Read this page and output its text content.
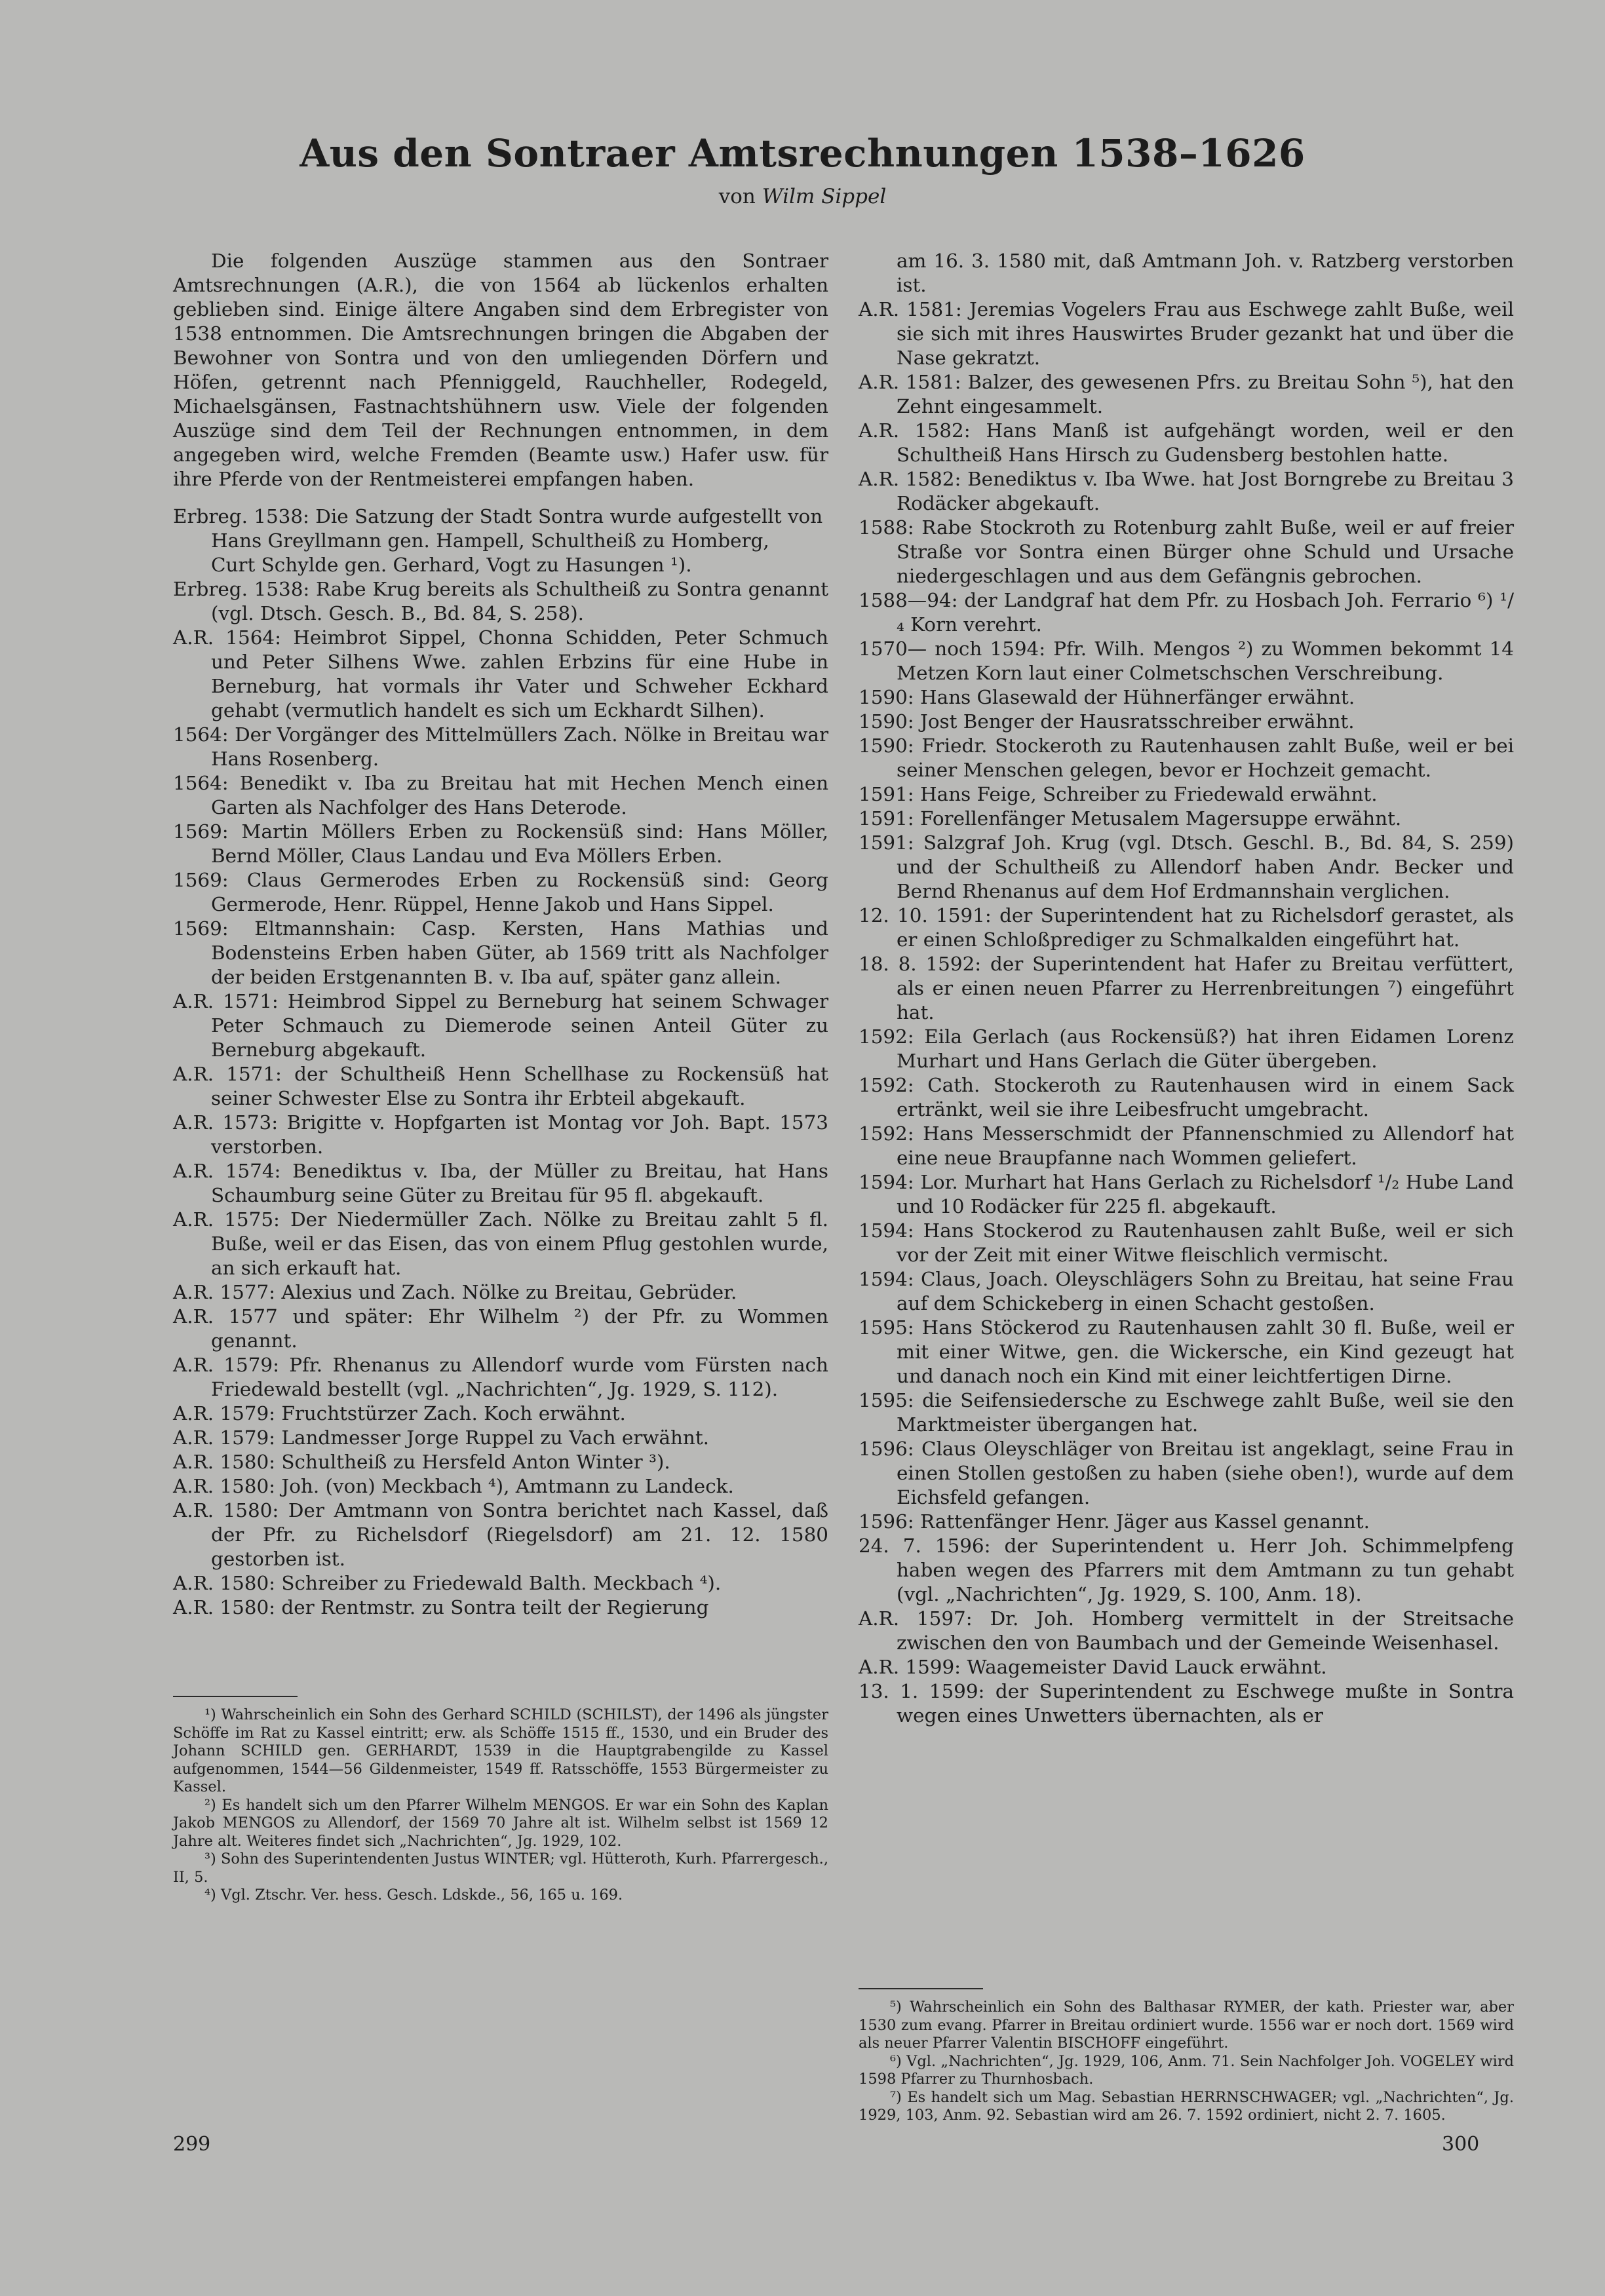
Aus den Sontraer Amtsrechnungen 1538–1626
von Wilm Sippel

Die folgenden Auszüge stammen aus den Sontraer Amtsrechnungen (A.R.), die von 1564 ab lückenlos erhalten geblieben sind. Einige ältere Angaben sind dem Erbregister von 1538 entnommen. Die Amtsrechnungen bringen die Abgaben der Bewohner von Sontra und von den umliegenden Dörfern und Höfen, getrennt nach Pfenniggeld, Rauchheller, Rodegeld, Michaelsgänsen, Fastnachtshühnern usw. Viele der folgenden Auszüge sind dem Teil der Rechnungen entnommen, in dem angegeben wird, welche Fremden (Beamte usw.) Hafer usw. für ihre Pferde von der Rentmeisterei empfangen haben.

Erbreg. 1538: Die Satzung der Stadt Sontra wurde aufgestellt von

Hans Greyllmann gen. Hampell, Schultheiß zu Homberg,

Curt Schylde gen. Gerhard, Vogt zu Hasungen ¹).

Erbreg. 1538: Rabe Krug bereits als Schultheiß zu Sontra genannt (vgl. Dtsch. Gesch. B., Bd. 84, S. 258).

A.R. 1564: Heimbrot Sippel, Chonna Schidden, Peter Schmuch und Peter Silhens Wwe. zahlen Erbzins für eine Hube in Berneburg, hat vormals ihr Vater und Schweher Eckhard gehabt (vermutlich handelt es sich um Eckhardt Silhen).

1564: Der Vorgänger des Mittelmüllers Zach. Nölke in Breitau war Hans Rosenberg.

1564: Benedikt v. Iba zu Breitau hat mit Hechen Mench einen Garten als Nachfolger des Hans Deterode.

1569: Martin Möllers Erben zu Rockensüß sind: Hans Möller, Bernd Möller, Claus Landau und Eva Möllers Erben.

1569: Claus Germerodes Erben zu Rockensüß sind: Georg Germerode, Henr. Rüppel, Henne Jakob und Hans Sippel.

1569: Eltmannshain: Casp. Kersten, Hans Mathias und Bodensteins Erben haben Güter, ab 1569 tritt als Nachfolger der beiden Erstgenannten B. v. Iba auf, später ganz allein.

A.R. 1571: Heimbrod Sippel zu Berneburg hat seinem Schwager Peter Schmauch zu Diemerode seinen Anteil Güter zu Berneburg abgekauft.

A.R. 1571: der Schultheiß Henn Schellhase zu Rockensüß hat seiner Schwester Else zu Sontra ihr Erbteil abgekauft.

A.R. 1573: Brigitte v. Hopfgarten ist Montag vor Joh. Bapt. 1573 verstorben.

A.R. 1574: Benediktus v. Iba, der Müller zu Breitau, hat Hans Schaumburg seine Güter zu Breitau für 95 fl. abgekauft.

A.R. 1575: Der Niedermüller Zach. Nölke zu Breitau zahlt 5 fl. Buße, weil er das Eisen, das von einem Pflug gestohlen wurde, an sich erkauft hat.

A.R. 1577: Alexius und Zach. Nölke zu Breitau, Gebrüder.

A.R. 1577 und später: Ehr Wilhelm ²) der Pfr. zu Wommen genannt.

A.R. 1579: Pfr. Rhenanus zu Allendorf wurde vom Fürsten nach Friedewald bestellt (vgl. „Nachrichten“, Jg. 1929, S. 112).

A.R. 1579: Fruchtstürzer Zach. Koch erwähnt.

A.R. 1579: Landmesser Jorge Ruppel zu Vach erwähnt.

A.R. 1580: Schultheiß zu Hersfeld Anton Winter ³).

A.R. 1580: Joh. (von) Meckbach ⁴), Amtmann zu Landeck.

A.R. 1580: Der Amtmann von Sontra berichtet nach Kassel, daß der Pfr. zu Richelsdorf (Riegelsdorf) am 21. 12. 1580 gestorben ist.

A.R. 1580: Schreiber zu Friedewald Balth. Meckbach ⁴).

A.R. 1580: der Rentmstr. zu Sontra teilt der Regierung

am 16. 3. 1580 mit, daß Amtmann Joh. v. Ratzberg verstorben ist.

A.R. 1581: Jeremias Vogelers Frau aus Eschwege zahlt Buße, weil sie sich mit ihres Hauswirtes Bruder gezankt hat und über die Nase gekratzt.

A.R. 1581: Balzer, des gewesenen Pfrs. zu Breitau Sohn ⁵), hat den Zehnt eingesammelt.

A.R. 1582: Hans Manß ist aufgehängt worden, weil er den Schultheiß Hans Hirsch zu Gudensberg bestohlen hatte.

A.R. 1582: Benediktus v. Iba Wwe. hat Jost Borngrebe zu Breitau 3 Rodäcker abgekauft.

1588: Rabe Stockroth zu Rotenburg zahlt Buße, weil er auf freier Straße vor Sontra einen Bürger ohne Schuld und Ursache niedergeschlagen und aus dem Gefängnis gebrochen.

1588—94: der Landgraf hat dem Pfr. zu Hosbach Joh. Ferrario ⁶) ¹/₄ Korn verehrt.

1570— noch 1594: Pfr. Wilh. Mengos ²) zu Wommen bekommt 14 Metzen Korn laut einer Colmetschschen Verschreibung.

1590: Hans Glasewald der Hühnerfänger erwähnt.

1590: Jost Benger der Hausratsschreiber erwähnt.

1590: Friedr. Stockeroth zu Rautenhausen zahlt Buße, weil er bei seiner Menschen gelegen, bevor er Hochzeit gemacht.

1591: Hans Feige, Schreiber zu Friedewald erwähnt.

1591: Forellenfänger Metusalem Magersuppe erwähnt.

1591: Salzgraf Joh. Krug (vgl. Dtsch. Geschl. B., Bd. 84, S. 259) und der Schultheiß zu Allendorf haben Andr. Becker und Bernd Rhenanus auf dem Hof Erdmannshain verglichen.

12. 10. 1591: der Superintendent hat zu Richelsdorf gerastet, als er einen Schloßprediger zu Schmalkalden eingeführt hat.

18. 8. 1592: der Superintendent hat Hafer zu Breitau verfüttert, als er einen neuen Pfarrer zu Herrenbreitungen ⁷) eingeführt hat.

1592: Eila Gerlach (aus Rockensüß?) hat ihren Eidamen Lorenz Murhart und Hans Gerlach die Güter übergeben.

1592: Cath. Stockeroth zu Rautenhausen wird in einem Sack ertränkt, weil sie ihre Leibesfrucht umgebracht.

1592: Hans Messerschmidt der Pfannenschmied zu Allendorf hat eine neue Braupfanne nach Wommen geliefert.

1594: Lor. Murhart hat Hans Gerlach zu Richelsdorf ¹/₂ Hube Land und 10 Rodäcker für 225 fl. abgekauft.

1594: Hans Stockerod zu Rautenhausen zahlt Buße, weil er sich vor der Zeit mit einer Witwe fleischlich vermischt.

1594: Claus, Joach. Oleyschlägers Sohn zu Breitau, hat seine Frau auf dem Schickeberg in einen Schacht gestoßen.

1595: Hans Stöckerod zu Rautenhausen zahlt 30 fl. Buße, weil er mit einer Witwe, gen. die Wickersche, ein Kind gezeugt hat und danach noch ein Kind mit einer leichtfertigen Dirne.

1595: die Seifensiedersche zu Eschwege zahlt Buße, weil sie den Marktmeister übergangen hat.

1596: Claus Oleyschläger von Breitau ist angeklagt, seine Frau in einen Stollen gestoßen zu haben (siehe oben!), wurde auf dem Eichsfeld gefangen.

1596: Rattenfänger Henr. Jäger aus Kassel genannt.

24. 7. 1596: der Superintendent u. Herr Joh. Schimmelpfeng haben wegen des Pfarrers mit dem Amtmann zu tun gehabt (vgl. „Nachrichten“, Jg. 1929, S. 100, Anm. 18).

A.R. 1597: Dr. Joh. Homberg vermittelt in der Streitsache zwischen den von Baumbach und der Gemeinde Weisenhasel.

A.R. 1599: Waagemeister David Lauck erwähnt.

13. 1. 1599: der Superintendent zu Eschwege mußte in Sontra wegen eines Unwetters übernachten, als er

¹) Wahrscheinlich ein Sohn des Gerhard SCHILD (SCHILST), der 1496 als jüngster Schöffe im Rat zu Kassel eintritt; erw. als Schöffe 1515 ff., 1530, und ein Bruder des Johann SCHILD gen. GERHARDT, 1539 in die Hauptgrabengilde zu Kassel aufgenommen, 1544—56 Gildenmeister, 1549 ff. Ratsschöffe, 1553 Bürgermeister zu Kassel.

²) Es handelt sich um den Pfarrer Wilhelm MENGOS. Er war ein Sohn des Kaplan Jakob MENGOS zu Allendorf, der 1569 70 Jahre alt ist. Wilhelm selbst ist 1569 12 Jahre alt. Weiteres findet sich „Nachrichten“, Jg. 1929, 102.

³) Sohn des Superintendenten Justus WINTER; vgl. Hütteroth, Kurh. Pfarrergesch., II, 5.

⁴) Vgl. Ztschr. Ver. hess. Gesch. Ldskde., 56, 165 u. 169.

⁵) Wahrscheinlich ein Sohn des Balthasar RYMER, der kath. Priester war, aber 1530 zum evang. Pfarrer in Breitau ordiniert wurde. 1556 war er noch dort. 1569 wird als neuer Pfarrer Valentin BISCHOFF eingeführt.

⁶) Vgl. „Nachrichten“, Jg. 1929, 106, Anm. 71. Sein Nachfolger Joh. VOGELEY wird 1598 Pfarrer zu Thurnhosbach.

⁷) Es handelt sich um Mag. Sebastian HERRNSCHWAGER; vgl. „Nachrichten“, Jg. 1929, 103, Anm. 92. Sebastian wird am 26. 7. 1592 ordiniert, nicht 2. 7. 1605.

299	300
